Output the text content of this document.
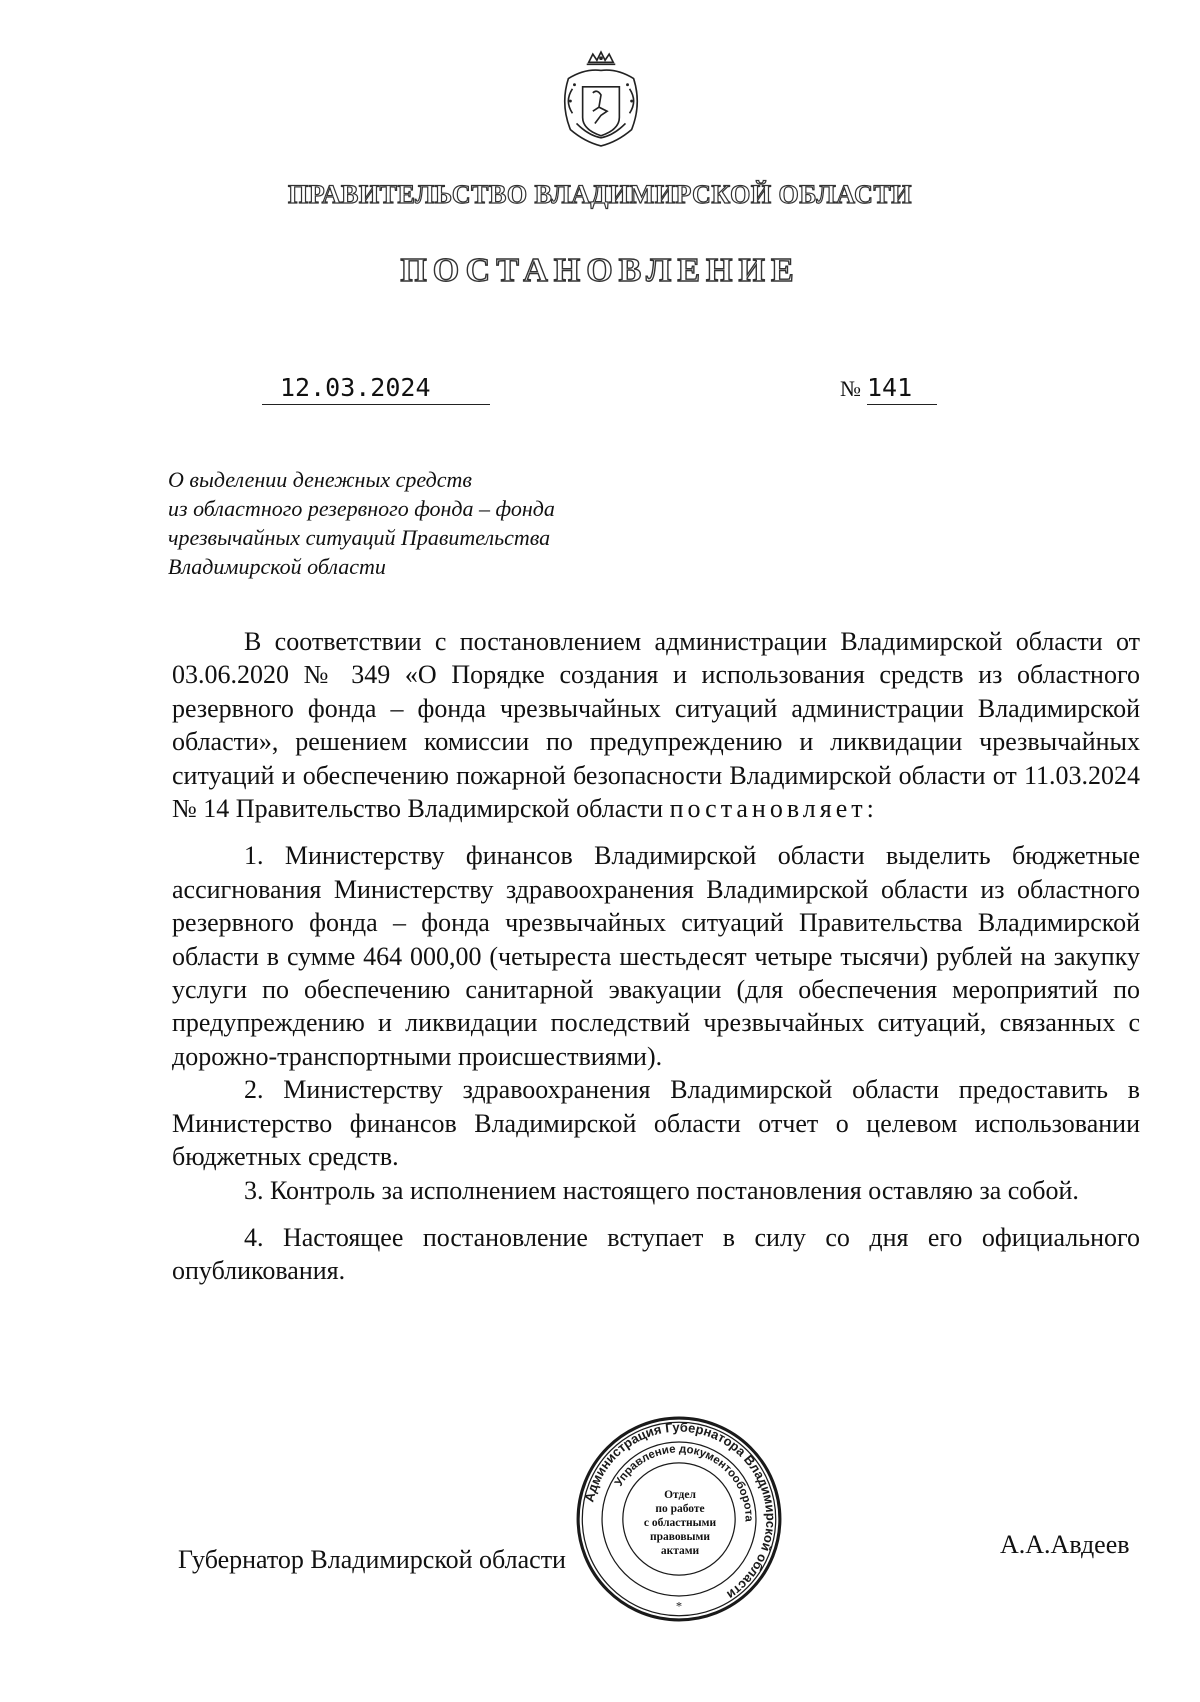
ПРАВИТЕЛЬСТВО ВЛАДИМИРСКОЙ ОБЛАСТИ
ПОСТАНОВЛЕНИЕ
12.03.2024	№ 141
О выделении денежных средств
из областного резервного фонда – фонда
чрезвычайных ситуаций Правительства
Владимирской области

В соответствии с постановлением администрации Владимирской области от 03.06.2020 № 349 «О Порядке создания и использования средств из областного резервного фонда – фонда чрезвычайных ситуаций администрации Владимирской области», решением комиссии по предупреждению и ликвидации чрезвычайных ситуаций и обеспечению пожарной безопасности Владимирской области от 11.03.2024 № 14 Правительство Владимирской области постановляет:

1. Министерству финансов Владимирской области выделить бюджетные ассигнования Министерству здравоохранения Владимирской области из областного резервного фонда – фонда чрезвычайных ситуаций Правительства Владимирской области в сумме 464 000,00 (четыреста шестьдесят четыре тысячи) рублей на закупку услуги по обеспечению санитарной эвакуации (для обеспечения мероприятий по предупреждению и ликвидации последствий чрезвычайных ситуаций, связанных с дорожно-транспортными происшествиями).

2. Министерству здравоохранения Владимирской области предоставить в Министерство финансов Владимирской области отчет о целевом использовании бюджетных средств.

3. Контроль за исполнением настоящего постановления оставляю за собой.

4. Настоящее постановление вступает в силу со дня его официального опубликования.

Губернатор Владимирской области
А.А.Авдеев
Администрация Губернатора Владимирской области
Управление документооборота
*
Отдел
по работе
с областными
правовыми
актами
